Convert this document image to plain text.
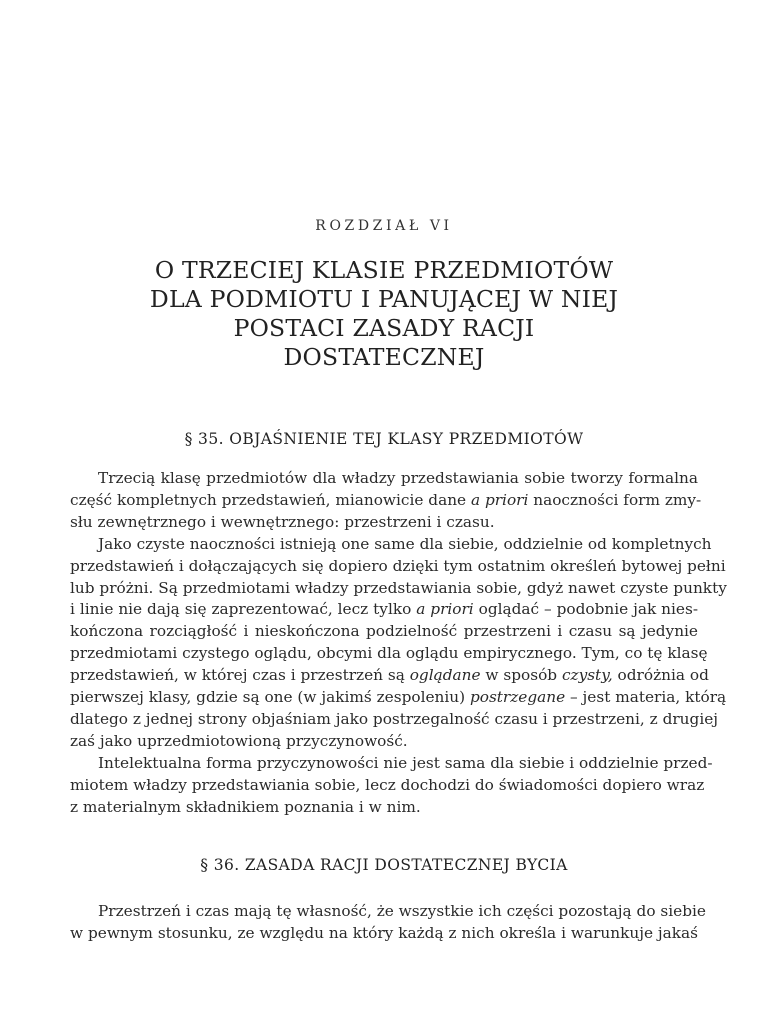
ROZDZIAŁ VI
O TRZECIEJ KLASIE PRZEDMIOTÓW
DLA PODMIOTU I PANUJĄCEJ W NIEJ
POSTACI ZASADY RACJI
DOSTATECZNEJ
§ 35. OBJAŚNIENIE TEJ KLASY PRZEDMIOTÓW
Trzecią klasę przedmiotów dla władzy przedstawiania sobie tworzy formalna
część kompletnych przedstawień, mianowicie dane a priori naoczności form zmy-
słu zewnętrznego i wewnętrznego: przestrzeni i czasu.
Jako czyste naoczności istnieją one same dla siebie, oddzielnie od kompletnych
przedstawień i dołączających się dopiero dzięki tym ostatnim określeń bytowej pełni
lub próżni. Są przedmiotami władzy przedstawiania sobie, gdyż nawet czyste punkty
i linie nie dają się zaprezentować, lecz tylko a priori oglądać – podobnie jak nies-
kończona rozciągłość i nieskończona podzielność przestrzeni i czasu są jedynie
przedmiotami czystego oglądu, obcymi dla oglądu empirycznego. Tym, co tę klasę
przedstawień, w której czas i przestrzeń są oglądane w sposób czysty, odróżnia od
pierwszej klasy, gdzie są one (w jakimś zespoleniu) postrzegane – jest materia, którą
dlatego z jednej strony objaśniam jako postrzegalność czasu i przestrzeni, z drugiej
zaś jako uprzedmiotowioną przyczynowość.
Intelektualna forma przyczynowości nie jest sama dla siebie i oddzielnie przed-
miotem władzy przedstawiania sobie, lecz dochodzi do świadomości dopiero wraz
z materialnym składnikiem poznania i w nim.
§ 36. ZASADA RACJI DOSTATECZNEJ BYCIA
Przestrzeń i czas mają tę własność, że wszystkie ich części pozostają do siebie
w pewnym stosunku, ze względu na który każdą z nich określa i warunkuje jakaś
